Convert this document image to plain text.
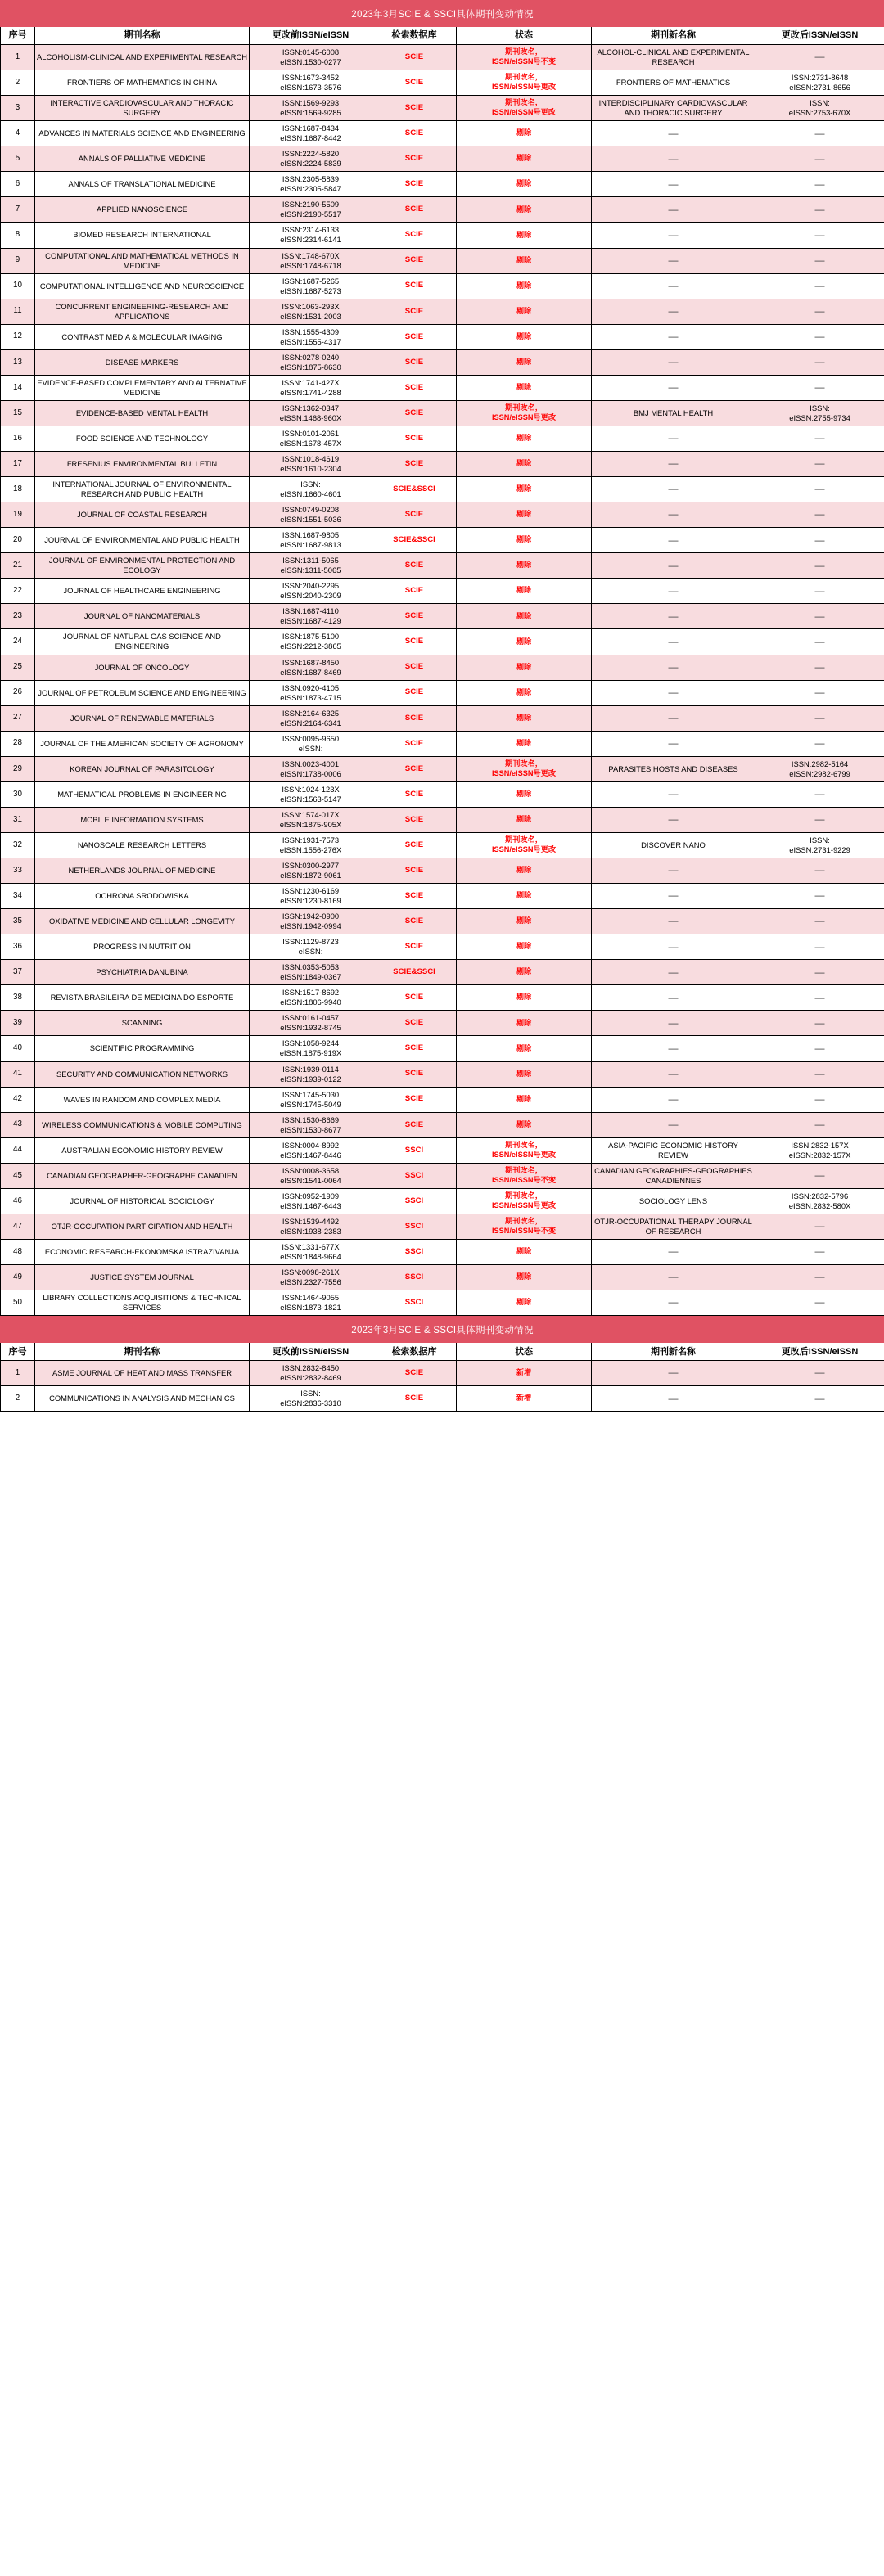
2023年3月SCIE & SSCI具体期刊变动情况						
序号	期刊名称	更改前ISSN/eISSN	检索数据库	状态	期刊新名称	更改后ISSN/eISSN

1	ALCOHOLISM-CLINICAL AND EXPERIMENTAL RESEARCH	ISSN:0145-6008
eISSN:1530-0277	SCIE	期刊改名，
ISSN/eISSN号不变	ALCOHOL-CLINICAL AND EXPERIMENTAL RESEARCH	—

2	FRONTIERS OF MATHEMATICS IN CHINA	ISSN:1673-3452
eISSN:1673-3576	SCIE	期刊改名，
ISSN/eISSN号更改	FRONTIERS OF MATHEMATICS	ISSN:2731-8648
eISSN:2731-8656

3	INTERACTIVE CARDIOVASCULAR AND THORACIC SURGERY	ISSN:1569-9293
eISSN:1569-9285	SCIE	期刊改名，
ISSN/eISSN号更改	INTERDISCIPLINARY CARDIOVASCULAR AND THORACIC SURGERY	ISSN:
eISSN:2753-670X

4	ADVANCES IN MATERIALS SCIENCE AND ENGINEERING	ISSN:1687-8434
eISSN:1687-8442	SCIE	剔除	—	—

5	ANNALS OF PALLIATIVE MEDICINE	ISSN:2224-5820
eISSN:2224-5839	SCIE	剔除	—	—

6	ANNALS OF TRANSLATIONAL MEDICINE	ISSN:2305-5839
eISSN:2305-5847	SCIE	剔除	—	—

7	APPLIED NANOSCIENCE	ISSN:2190-5509
eISSN:2190-5517	SCIE	剔除	—	—

8	BIOMED RESEARCH INTERNATIONAL	ISSN:2314-6133
eISSN:2314-6141	SCIE	剔除	—	—

9	COMPUTATIONAL AND MATHEMATICAL METHODS IN MEDICINE	ISSN:1748-670X
eISSN:1748-6718	SCIE	剔除	—	—

10	COMPUTATIONAL INTELLIGENCE AND NEUROSCIENCE	ISSN:1687-5265
eISSN:1687-5273	SCIE	剔除	—	—

11	CONCURRENT ENGINEERING-RESEARCH AND APPLICATIONS	ISSN:1063-293X
eISSN:1531-2003	SCIE	剔除	—	—

12	CONTRAST MEDIA & MOLECULAR IMAGING	ISSN:1555-4309
eISSN:1555-4317	SCIE	剔除	—	—

13	DISEASE MARKERS	ISSN:0278-0240
eISSN:1875-8630	SCIE	剔除	—	—

14	EVIDENCE-BASED COMPLEMENTARY AND ALTERNATIVE MEDICINE	ISSN:1741-427X
eISSN:1741-4288	SCIE	剔除	—	—

15	EVIDENCE-BASED MENTAL HEALTH	ISSN:1362-0347
eISSN:1468-960X	SCIE	期刊改名，
ISSN/eISSN号更改	BMJ MENTAL HEALTH	ISSN:
eISSN:2755-9734

16	FOOD SCIENCE AND TECHNOLOGY	ISSN:0101-2061
eISSN:1678-457X	SCIE	剔除	—	—

17	FRESENIUS ENVIRONMENTAL BULLETIN	ISSN:1018-4619
eISSN:1610-2304	SCIE	剔除	—	—

18	INTERNATIONAL JOURNAL OF ENVIRONMENTAL RESEARCH AND PUBLIC HEALTH	ISSN:
eISSN:1660-4601	SCIE&SSCI	剔除	—	—

19	JOURNAL OF COASTAL RESEARCH	ISSN:0749-0208
eISSN:1551-5036	SCIE	剔除	—	—

20	JOURNAL OF ENVIRONMENTAL AND PUBLIC HEALTH	ISSN:1687-9805
eISSN:1687-9813	SCIE&SSCI	剔除	—	—

21	JOURNAL OF ENVIRONMENTAL PROTECTION AND ECOLOGY	ISSN:1311-5065
eISSN:1311-5065	SCIE	剔除	—	—

22	JOURNAL OF HEALTHCARE ENGINEERING	ISSN:2040-2295
eISSN:2040-2309	SCIE	剔除	—	—

23	JOURNAL OF NANOMATERIALS	ISSN:1687-4110
eISSN:1687-4129	SCIE	剔除	—	—

24	JOURNAL OF NATURAL GAS SCIENCE AND ENGINEERING	ISSN:1875-5100
eISSN:2212-3865	SCIE	剔除	—	—

25	JOURNAL OF ONCOLOGY	ISSN:1687-8450
eISSN:1687-8469	SCIE	剔除	—	—

26	JOURNAL OF PETROLEUM SCIENCE AND ENGINEERING	ISSN:0920-4105
eISSN:1873-4715	SCIE	剔除	—	—

27	JOURNAL OF RENEWABLE MATERIALS	ISSN:2164-6325
eISSN:2164-6341	SCIE	剔除	—	—

28	JOURNAL OF THE AMERICAN SOCIETY OF AGRONOMY	ISSN:0095-9650
eISSN:	SCIE	剔除	—	—

29	KOREAN JOURNAL OF PARASITOLOGY	ISSN:0023-4001
eISSN:1738-0006	SCIE	期刊改名，
ISSN/eISSN号更改	PARASITES HOSTS AND DISEASES	ISSN:2982-5164
eISSN:2982-6799

30	MATHEMATICAL PROBLEMS IN ENGINEERING	ISSN:1024-123X
eISSN:1563-5147	SCIE	剔除	—	—

31	MOBILE INFORMATION SYSTEMS	ISSN:1574-017X
eISSN:1875-905X	SCIE	剔除	—	—

32	NANOSCALE RESEARCH LETTERS	ISSN:1931-7573
eISSN:1556-276X	SCIE	期刊改名，
ISSN/eISSN号更改	DISCOVER NANO	ISSN:
eISSN:2731-9229

33	NETHERLANDS JOURNAL OF MEDICINE	ISSN:0300-2977
eISSN:1872-9061	SCIE	剔除	—	—

34	OCHRONA SRODOWISKA	ISSN:1230-6169
eISSN:1230-8169	SCIE	剔除	—	—

35	OXIDATIVE MEDICINE AND CELLULAR LONGEVITY	ISSN:1942-0900
eISSN:1942-0994	SCIE	剔除	—	—

36	PROGRESS IN NUTRITION	ISSN:1129-8723
eISSN:	SCIE	剔除	—	—

37	PSYCHIATRIA DANUBINA	ISSN:0353-5053
eISSN:1849-0367	SCIE&SSCI	剔除	—	—

38	REVISTA BRASILEIRA DE MEDICINA DO ESPORTE	ISSN:1517-8692
eISSN:1806-9940	SCIE	剔除	—	—

39	SCANNING	ISSN:0161-0457
eISSN:1932-8745	SCIE	剔除	—	—

40	SCIENTIFIC PROGRAMMING	ISSN:1058-9244
eISSN:1875-919X	SCIE	剔除	—	—

41	SECURITY AND COMMUNICATION NETWORKS	ISSN:1939-0114
eISSN:1939-0122	SCIE	剔除	—	—

42	WAVES IN RANDOM AND COMPLEX MEDIA	ISSN:1745-5030
eISSN:1745-5049	SCIE	剔除	—	—

43	WIRELESS COMMUNICATIONS & MOBILE COMPUTING	ISSN:1530-8669
eISSN:1530-8677	SCIE	剔除	—	—

44	AUSTRALIAN ECONOMIC HISTORY REVIEW	ISSN:0004-8992
eISSN:1467-8446	SSCI	期刊改名，
ISSN/eISSN号更改	ASIA-PACIFIC ECONOMIC HISTORY REVIEW	ISSN:2832-157X
eISSN:2832-157X

45	CANADIAN GEOGRAPHER-GEOGRAPHE CANADIEN	ISSN:0008-3658
eISSN:1541-0064	SSCI	期刊改名，
ISSN/eISSN号不变	CANADIAN GEOGRAPHIES-GEOGRAPHIES CANADIENNES	—

46	JOURNAL OF HISTORICAL SOCIOLOGY	ISSN:0952-1909
eISSN:1467-6443	SSCI	期刊改名，
ISSN/eISSN号更改	SOCIOLOGY LENS	ISSN:2832-5796
eISSN:2832-580X

47	OTJR-OCCUPATION PARTICIPATION AND HEALTH	ISSN:1539-4492
eISSN:1938-2383	SSCI	期刊改名，
ISSN/eISSN号不变	OTJR-OCCUPATIONAL THERAPY JOURNAL OF RESEARCH	—

48	ECONOMIC RESEARCH-EKONOMSKA ISTRAZIVANJA	ISSN:1331-677X
eISSN:1848-9664	SSCI	剔除	—	—

49	JUSTICE SYSTEM JOURNAL	ISSN:0098-261X
eISSN:2327-7556	SSCI	剔除	—	—

50	LIBRARY COLLECTIONS ACQUISITIONS & TECHNICAL SERVICES	ISSN:1464-9055
eISSN:1873-1821	SSCI	剔除	—	—
2023年3月SCIE & SSCI具体期刊变动情况						
序号	期刊名称	更改前ISSN/eISSN	检索数据库	状态	期刊新名称	更改后ISSN/eISSN

1	ASME JOURNAL OF HEAT AND MASS TRANSFER	ISSN:2832-8450
eISSN:2832-8469	SCIE	新增	—	—

2	COMMUNICATIONS IN ANALYSIS AND MECHANICS	ISSN:
eISSN:2836-3310	SCIE	新增	—	—
